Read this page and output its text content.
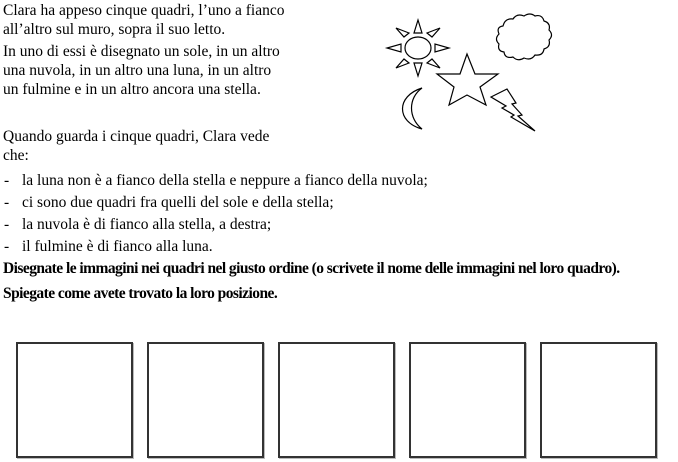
Clara ha appeso cinque quadri, l’uno a fianco
all’altro sul muro, sopra il suo letto.
In uno di essi è disegnato un sole, in un altro
una nuvola, in un altro una luna, in un altro
un fulmine e in un altro ancora una stella.
Quando guarda i cinque quadri, Clara vede
che:
- la luna non è a fianco della stella e neppure a fianco della nuvola;
- ci sono due quadri fra quelli del sole e della stella;
- la nuvola è di fianco alla stella, a destra;
- il fulmine è di fianco alla luna.

Disegnate le immagini nei quadri nel giusto ordine (o scrivete il nome delle immagini nel loro quadro).

Spiegate come avete trovato la loro posizione.
